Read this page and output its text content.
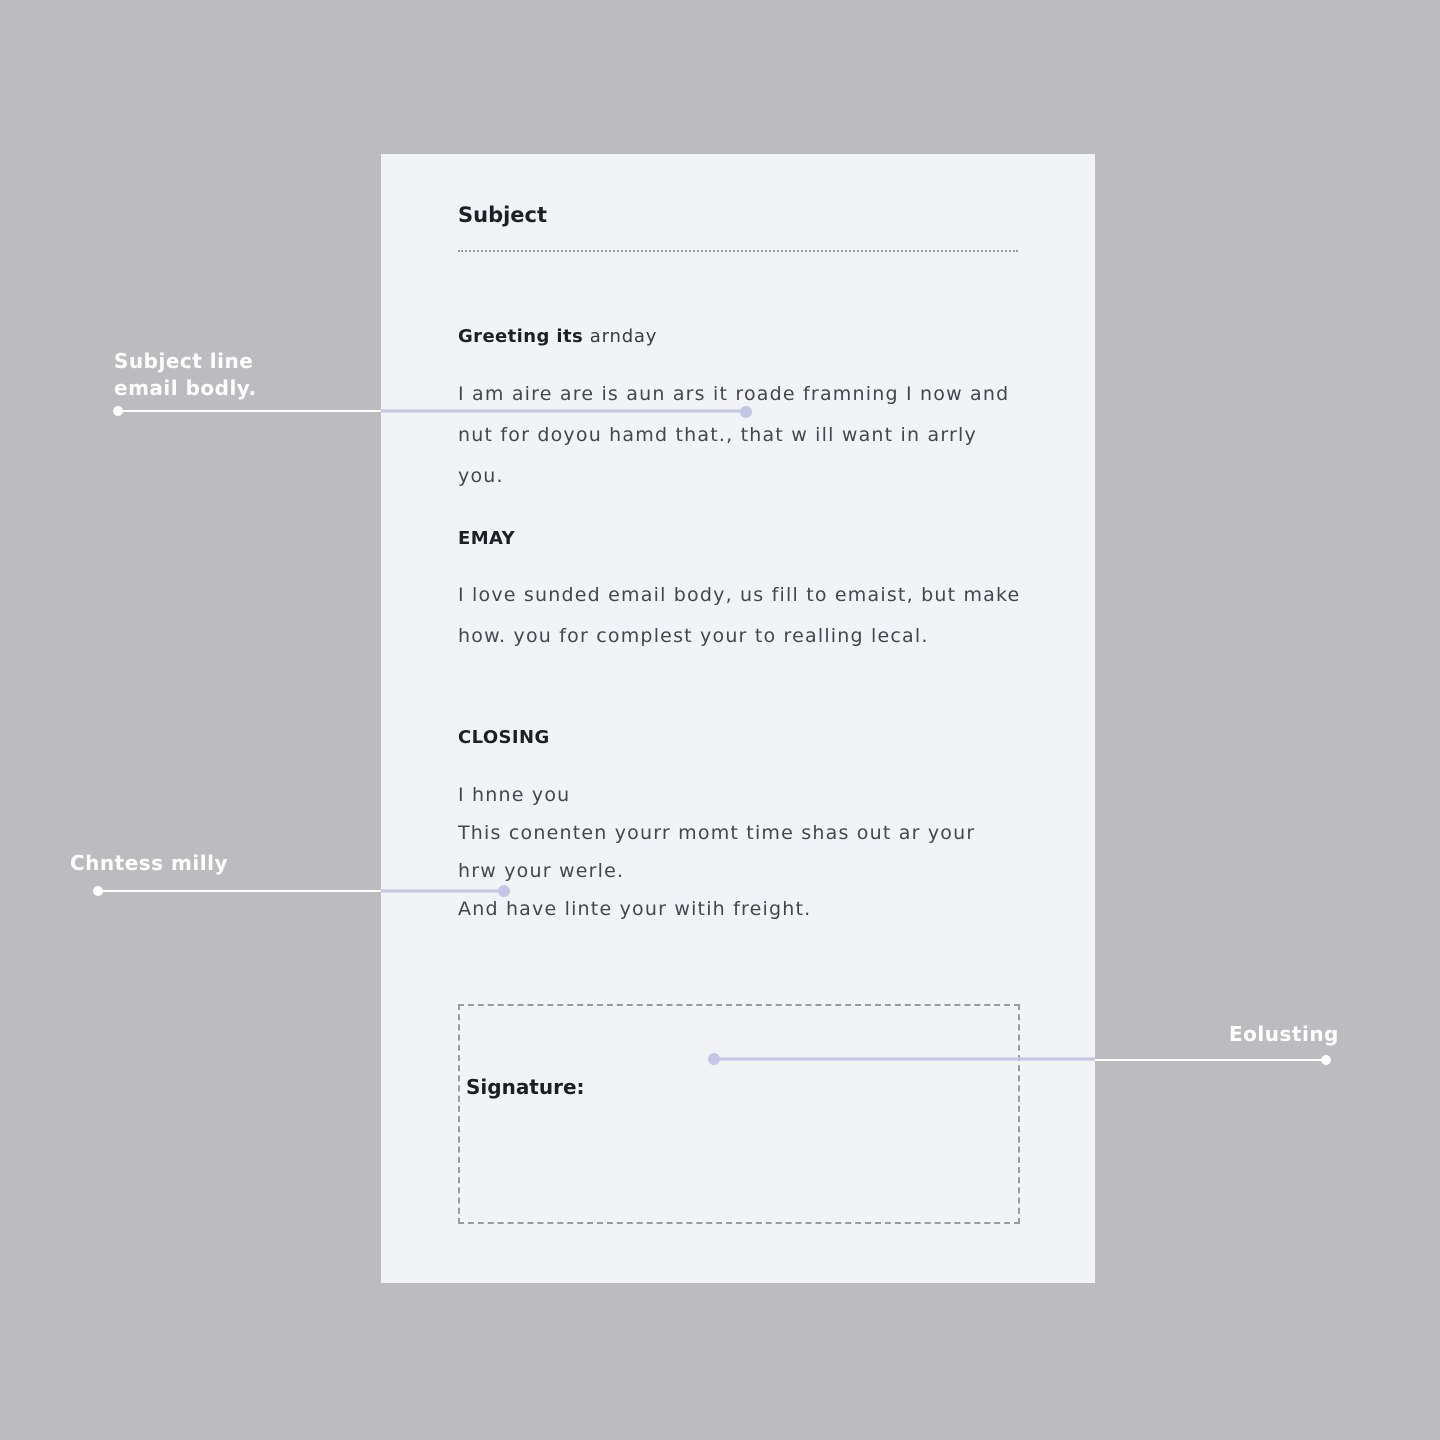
Subject
Greeting its arnday

I am aire are is aun ars it roade framning I now and nut for doyou hamd that., that w ill want in arrly you.

EMAY

I love sunded email body, us fill to emaist, but make how. you for complest your to realling lecal.

CLOSING
I hnne you
This conenten yourr momt time shas out ar your
hrw your werle.
And have linte your witih freight.
Signature:
Subject line
email bodly.
Chntess milly
Eolusting
